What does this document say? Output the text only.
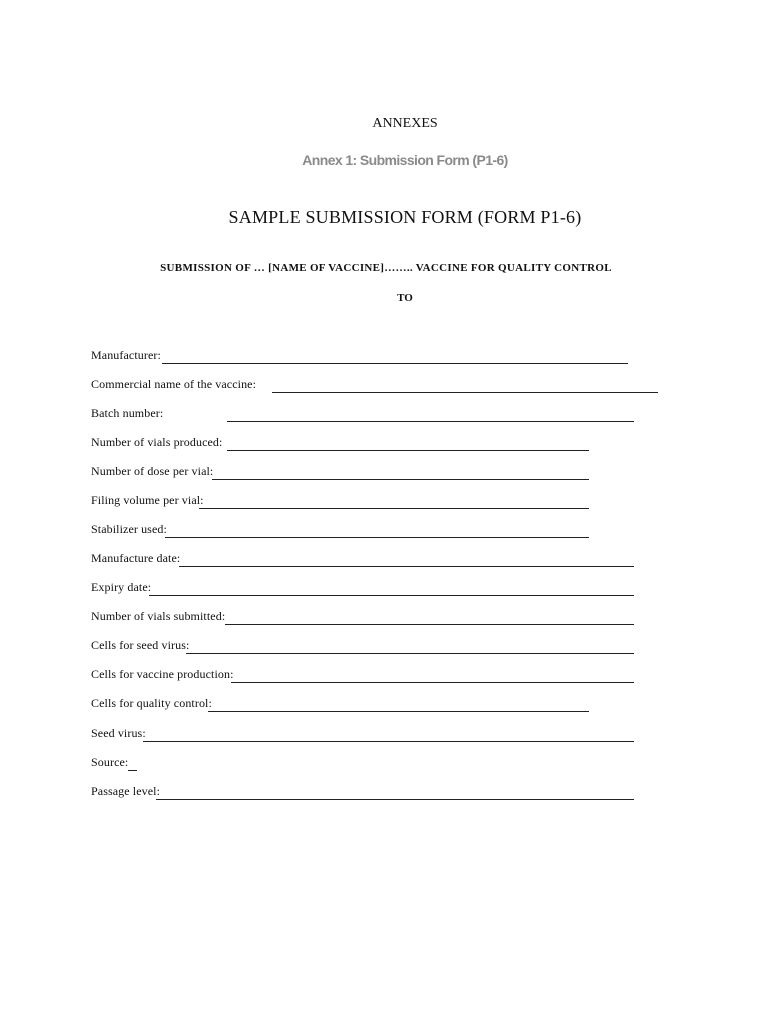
ANNEXES
Annex 1: Submission Form (P1-6)
SAMPLE SUBMISSION FORM (FORM P1-6)
SUBMISSION OF … [NAME OF VACCINE]…….. VACCINE FOR QUALITY CONTROL
TO
Manufacturer:
Commercial name of the vaccine:
Batch number:
Number of vials produced:
Number of dose per vial:
Filing volume per vial:
Stabilizer used:
Manufacture date:
Expiry date:
Number of vials submitted:
Cells for seed virus:
Cells for vaccine production:
Cells for quality control:
Seed virus:
Source:
Passage level:
